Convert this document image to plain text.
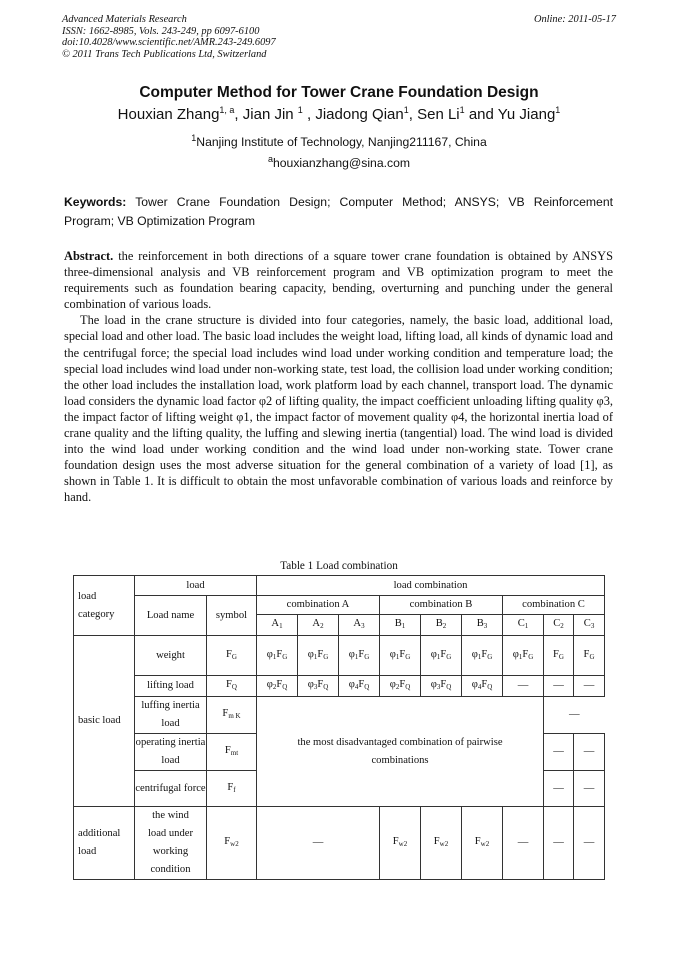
Advanced Materials Research
ISSN: 1662-8985, Vols. 243-249, pp 6097-6100
doi:10.4028/www.scientific.net/AMR.243-249.6097
© 2011 Trans Tech Publications Ltd, Switzerland
Online: 2011-05-17
Computer Method for Tower Crane Foundation Design
Houxian Zhang$^{1, a}$, Jian Jin $^1$ , Jiadong Qian$^1$, Sen Li$^1$ and Yu Jiang$^1$
$^1$Nanjing Institute of Technology, Nanjing211167, China
$^a$houxianzhang@sina.com
Keywords: Tower Crane Foundation Design; Computer Method; ANSYS; VB Reinforcement Program; VB Optimization Program

Abstract. the reinforcement in both directions of a square tower crane foundation is obtained by ANSYS three-dimensional analysis and VB reinforcement program and VB optimization program to meet the requirements such as foundation bearing capacity, bending, overturning and punching under the general combination of various loads.

The load in the crane structure is divided into four categories, namely, the basic load, additional load, special load and other load. The basic load includes the weight load, lifting load, all kinds of dynamic load and the centrifugal force; the special load includes wind load under working condition and temperature load; the special load includes wind load under non-working state, test load, the collision load under working condition; the other load includes the installation load, work platform load by each channel, transport load. The dynamic load considers the dynamic load factor φ2 of lifting quality, the impact coefficient unloading lifting quality φ3, the impact factor of lifting weight φ1, the impact factor of movement quality φ4, the horizontal inertia load of crane quality and the lifting quality, the luffing and slewing inertia (tangential) load. The wind load is divided into the wind load under working condition and the wind load under non-working state. Tower crane foundation design uses the most adverse situation for the general combination of a variety of load [1], as shown in Table 1. It is difficult to obtain the most unfavorable combination of various loads and reinforce by hand.

Table 1 Load combination
load category	load		load combination								
	Load name	symbol	combination A			combination B			combination C		
			$A_1$	$A_2$	$A_3$	$B_1$	$B_2$	$B_3$	$C_1$	$C_2$	$C_3$
basic load	weight	$F_G$	$\varphi_1F_G$	$\varphi_1F_G$	$\varphi_1F_G$	$\varphi_1F_G$	$\varphi_1F_G$	$\varphi_1F_G$	$\varphi_1F_G$	$F_G$	$F_G$
	lifting load	$F_Q$	$\varphi_2F_Q$	$\varphi_3F_Q$	$\varphi_4F_Q$	$\varphi_2F_Q$	$\varphi_3F_Q$	$\varphi_4F_Q$	—	—	—
	luffing inertia load	$F_{m K}$	the most disadvantaged combination of pairwise combinations							—	
	operating inertia load	$F_{mt}$								—	—
	centrifugal force	$F_f$								—	—
additional load	the wind load under working condition	$F_{w2}$	—			$F_{w2}$	$F_{w2}$	$F_{w2}$	—	—	—
